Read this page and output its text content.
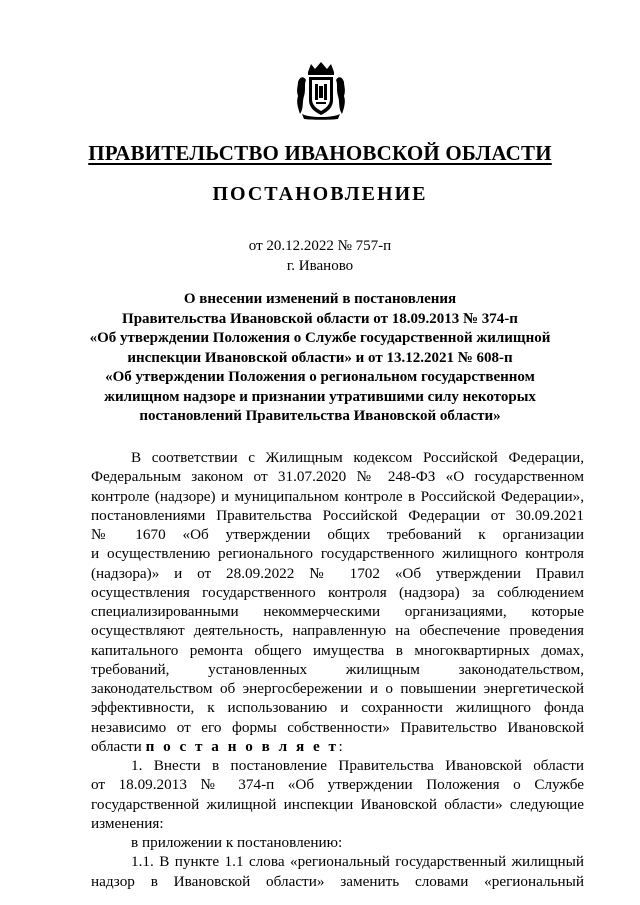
ПРАВИТЕЛЬСТВО ИВАНОВСКОЙ ОБЛАСТИ
ПОСТАНОВЛЕНИЕ
от 20.12.2022 № 757-п
г. Иваново
О внесении изменений в постановления
Правительства Ивановской области от 18.09.2013 № 374-п
«Об утверждении Положения о Службе государственной жилищной
инспекции Ивановской области» и от 13.12.2021 № 608-п
«Об утверждении Положения о региональном государственном
жилищном надзоре и признании утратившими силу некоторых
постановлений Правительства Ивановской области»
В соответствии с Жилищным кодексом Российской Федерации,
Федеральным законом от 31.07.2020 № 248-ФЗ «О государственном
контроле (надзоре) и муниципальном контроле в Российской Федерации»,
постановлениями Правительства Российской Федерации от 30.09.2021
№ 1670 «Об утверждении общих требований к организации
и осуществлению регионального государственного жилищного контроля
(надзора)» и от 28.09.2022 № 1702 «Об утверждении Правил
осуществления государственного контроля (надзора) за соблюдением
специализированными некоммерческими организациями, которые
осуществляют деятельность, направленную на обеспечение проведения
капитального ремонта общего имущества в многоквартирных домах,
требований, установленных жилищным законодательством,
законодательством об энергосбережении и о повышении энергетической
эффективности, к использованию и сохранности жилищного фонда
независимо от его формы собственности» Правительство Ивановской
области п о с т а н о в л я е т:
1. Внести в постановление Правительства Ивановской области
от 18.09.2013 № 374-п «Об утверждении Положения о Службе
государственной жилищной инспекции Ивановской области» следующие
изменения:
в приложении к постановлению:
1.1. В пункте 1.1 слова «региональный государственный жилищный
надзор в Ивановской области» заменить словами «региональный
